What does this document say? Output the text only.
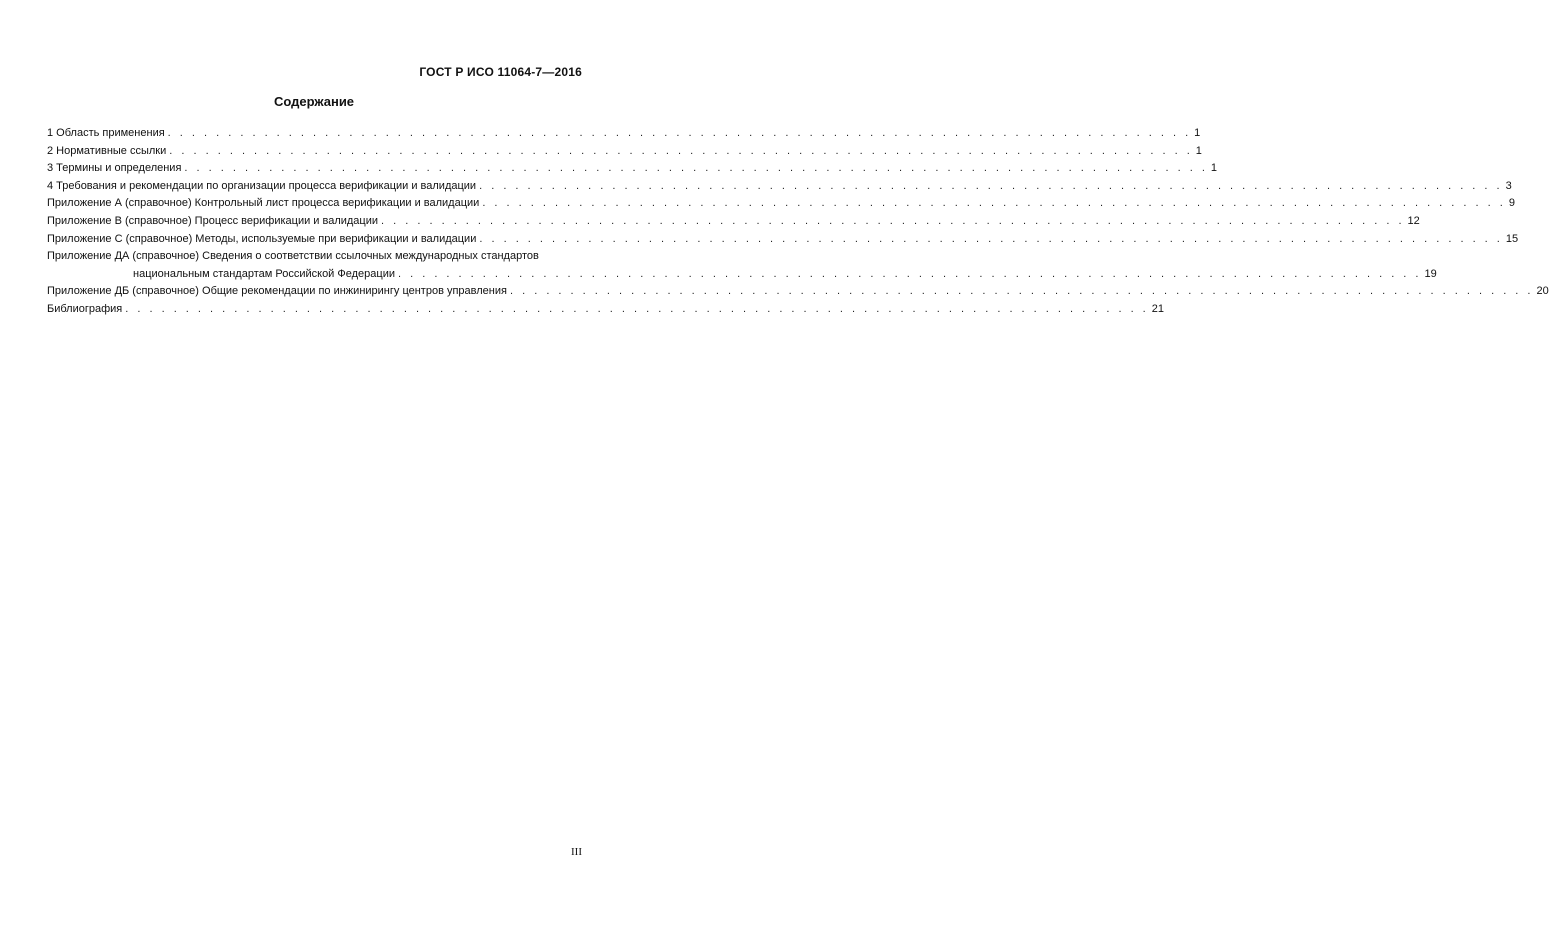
ГОСТ Р ИСО 11064-7—2016
Содержание
1 Область применения . . .	1
2 Нормативные ссылки . . .	1
3 Термины и определения . . .	1
4 Требования и рекомендации по организации процесса верификации и валидации . . .	3
Приложение А (справочное) Контрольный лист процесса верификации и валидации . . .	9
Приложение В (справочное) Процесс верификации и валидации . . .	12
Приложение С (справочное) Методы, используемые при верификации и валидации . . .	15
Приложение ДА (справочное) Сведения о соответствии ссылочных международных стандартов
национальным стандартам Российской Федерации . . .	19
Приложение ДБ (справочное) Общие рекомендации по инжинирингу центров управления . . .	20
Библиография . . .	21
III
